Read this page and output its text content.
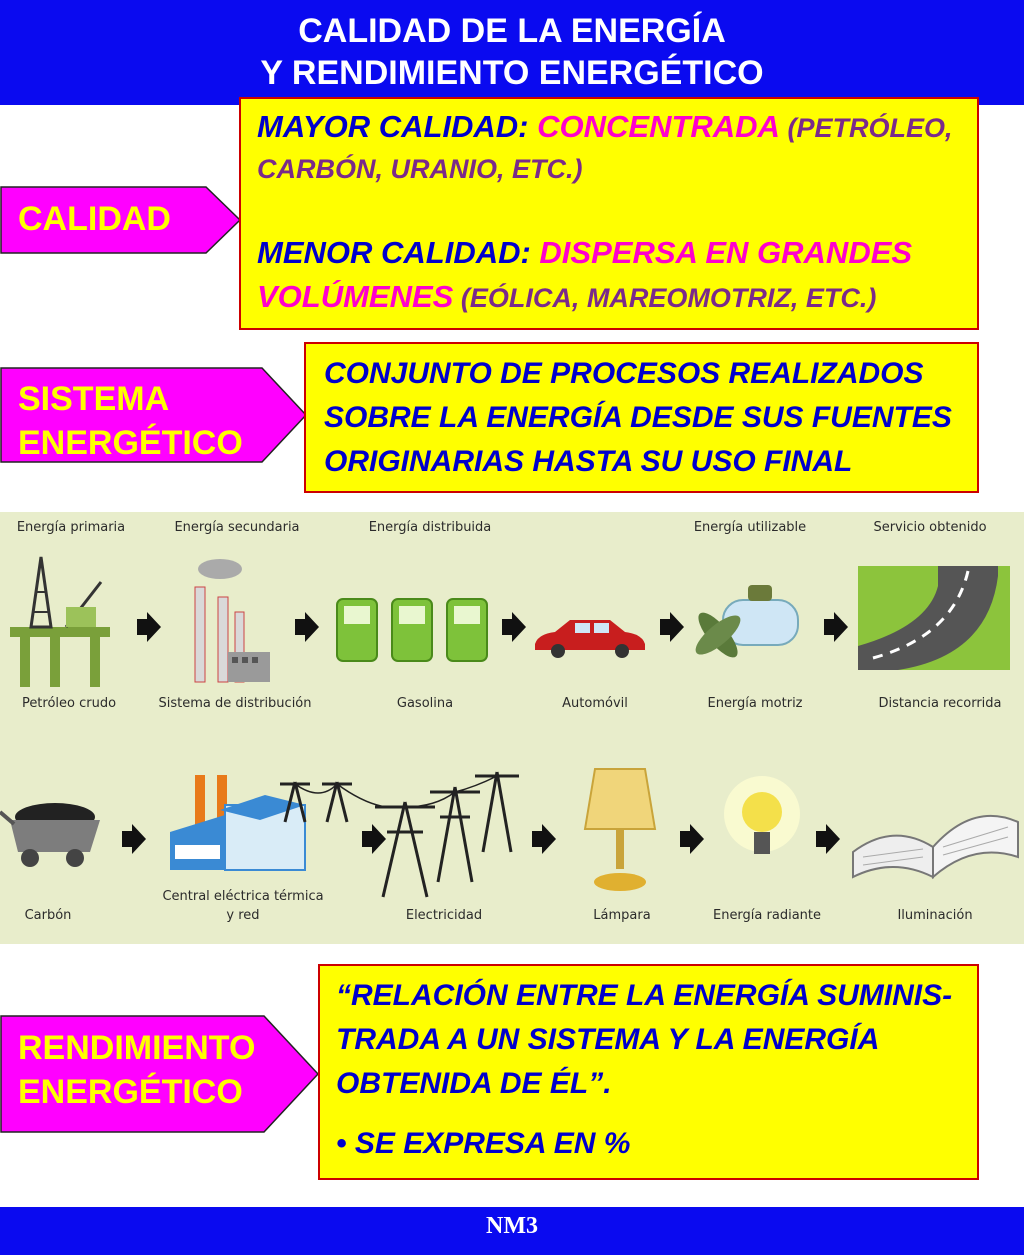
CALIDAD DE LA ENERGÍA
Y RENDIMIENTO ENERGÉTICO
CALIDAD
MAYOR CALIDAD: CONCENTRADA (PETRÓLEO, CARBÓN, URANIO, ETC.)
MENOR CALIDAD: DISPERSA EN GRANDES VOLÚMENES (EÓLICA, MAREOMOTRIZ, ETC.)
SISTEMA
ENERGÉTICO
CONJUNTO DE PROCESOS REALIZADOS SOBRE LA ENERGÍA DESDE SUS FUENTES ORIGINARIAS HASTA SU USO FINAL
Energía primaria	Energía secundaria	Energía distribuida	Energía utilizable	Servicio obtenido
Petróleo crudo	Sistema de distribución	Gasolina	Automóvil	Energía motriz	Distancia recorrida
Carbón
Central eléctrica térmica
y red	Electricidad	Lámpara	Energía radiante	Iluminación
RENDIMIENTO
ENERGÉTICO
“RELACIÓN ENTRE LA ENERGÍA SUMINIS-TRADA A UN SISTEMA Y LA ENERGÍA OBTENIDA DE ÉL”.
• SE EXPRESA EN %
NM3
